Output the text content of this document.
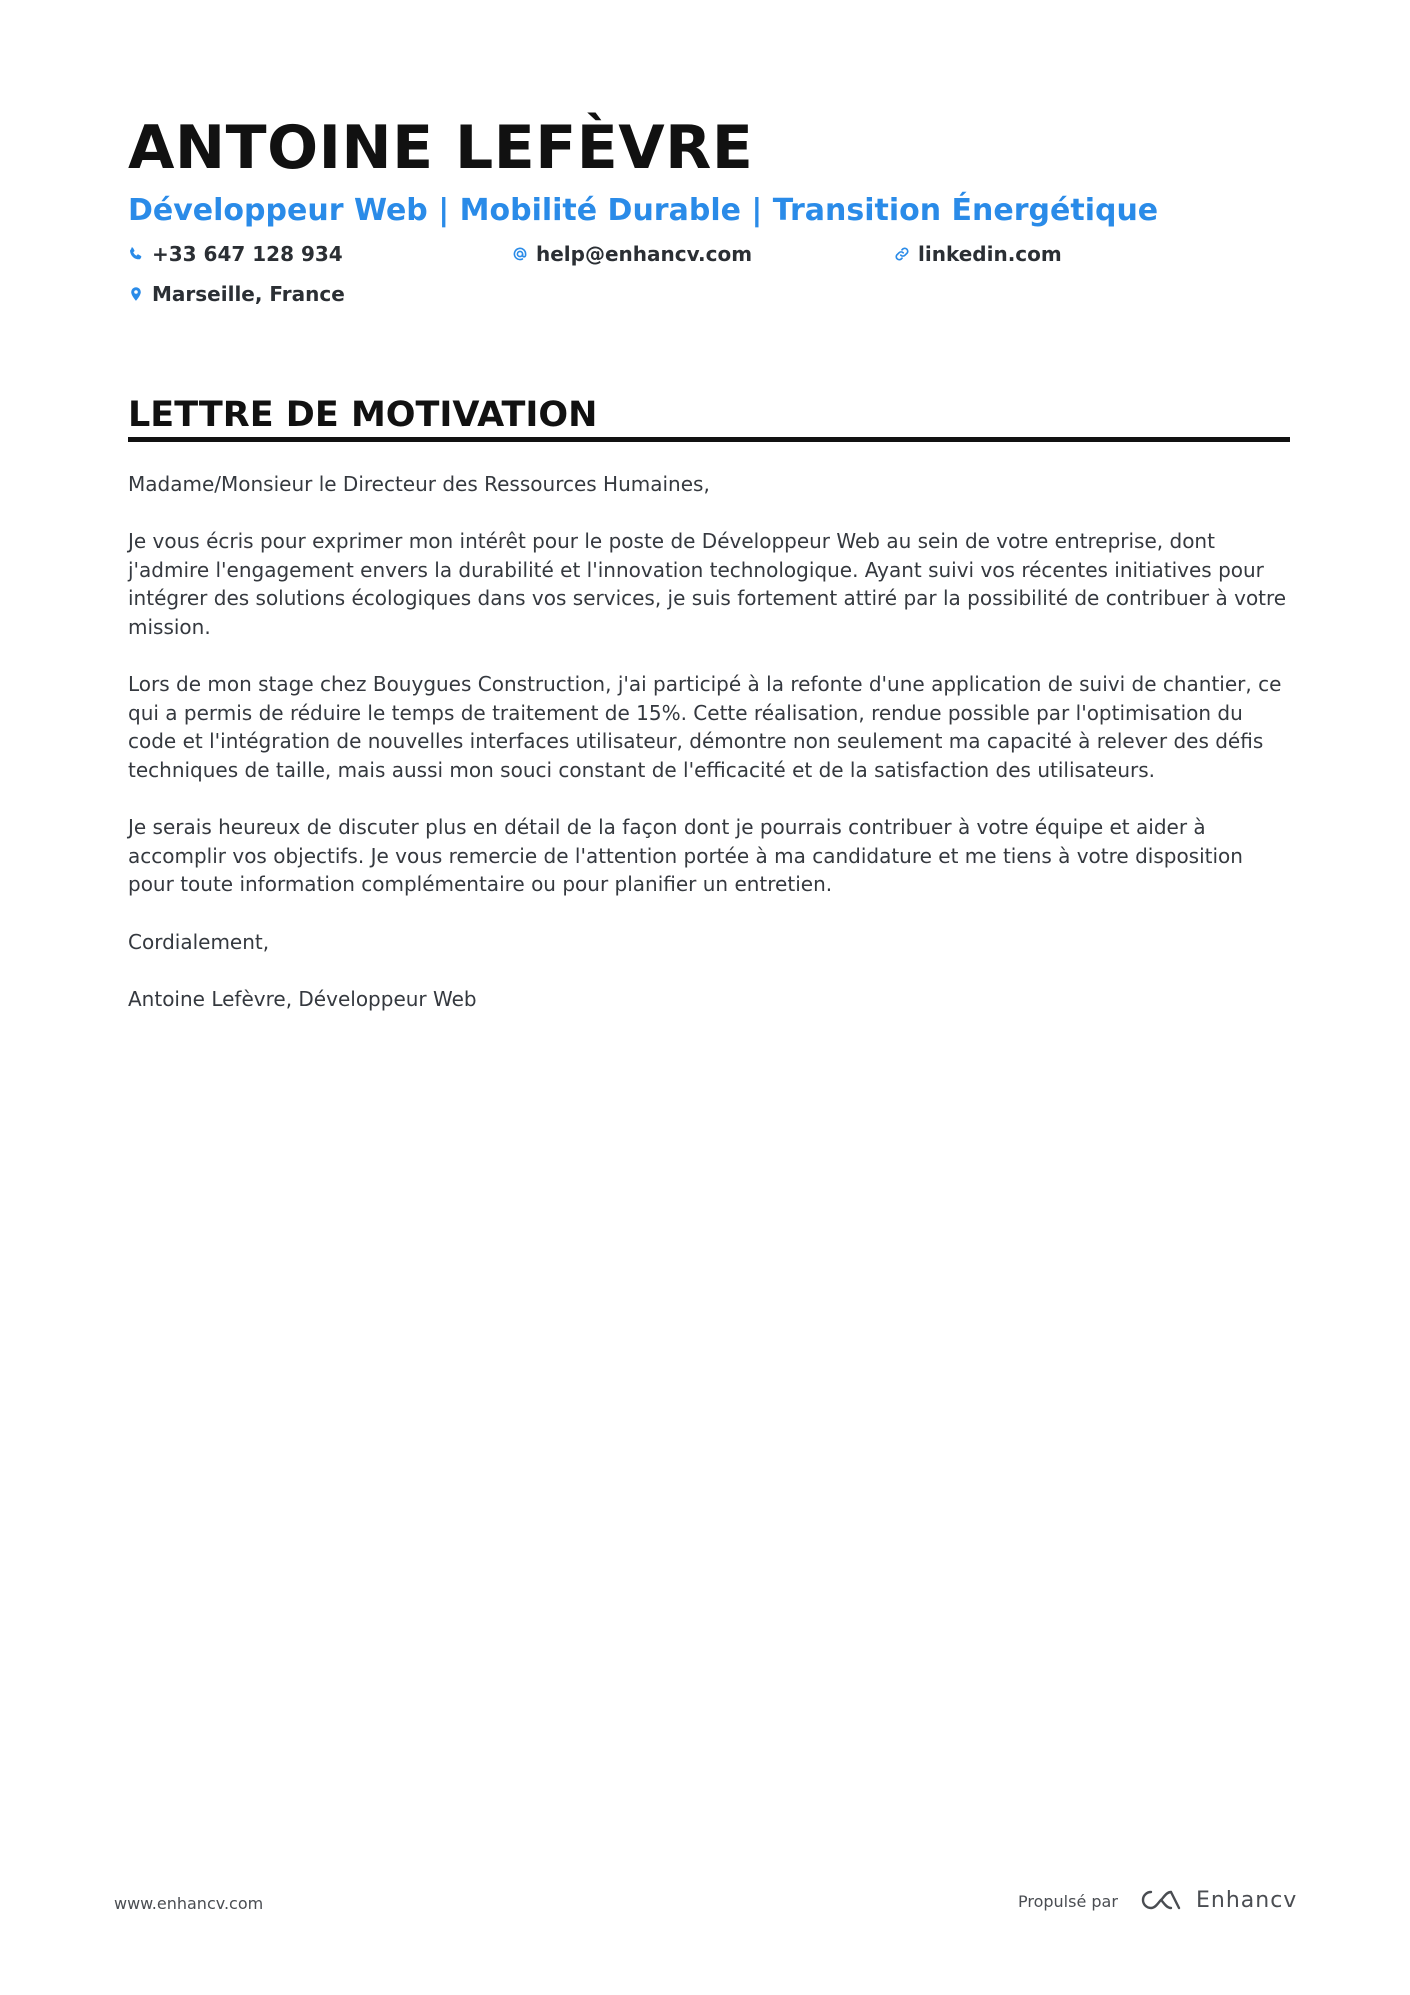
ANTOINE LEFÈVRE
Développeur Web | Mobilité Durable | Transition Énergétique
+33 647 128 934	help@enhancv.com	linkedin.com
Marseille, France
LETTRE DE MOTIVATION

Madame/Monsieur le Directeur des Ressources Humaines,

Je vous écris pour exprimer mon intérêt pour le poste de Développeur Web au sein de votre entreprise, dont j'admire l'engagement envers la durabilité et l'innovation technologique. Ayant suivi vos récentes initiatives pour intégrer des solutions écologiques dans vos services, je suis fortement attiré par la possibilité de contribuer à votre mission.

Lors de mon stage chez Bouygues Construction, j'ai participé à la refonte d'une application de suivi de chantier, ce qui a permis de réduire le temps de traitement de 15%. Cette réalisation, rendue possible par l'optimisation du code et l'intégration de nouvelles interfaces utilisateur, démontre non seulement ma capacité à relever des défis techniques de taille, mais aussi mon souci constant de l'efficacité et de la satisfaction des utilisateurs.

Je serais heureux de discuter plus en détail de la façon dont je pourrais contribuer à votre équipe et aider à accomplir vos objectifs. Je vous remercie de l'attention portée à ma candidature et me tiens à votre disposition pour toute information complémentaire ou pour planifier un entretien.

Cordialement,

Antoine Lefèvre, Développeur Web

www.enhancv.com	Propulsé par	Enhancv
